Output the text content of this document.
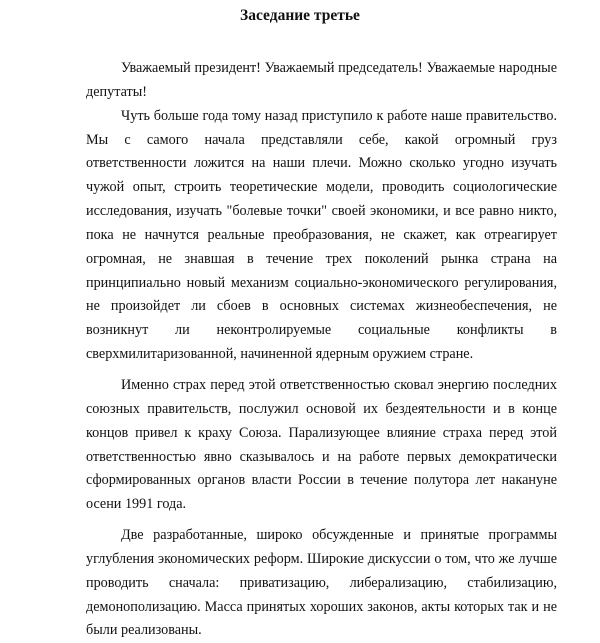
Заседание третье

Уважаемый президент! Уважаемый председатель! Уважаемые народные депутаты!

Чуть больше года тому назад приступило к работе наше правительство. Мы с самого начала представляли себе, какой огромный груз ответственности ложится на наши плечи. Можно сколько угодно изучать чужой опыт, строить теоретические модели, проводить социологические исследования, изучать "болевые точки" своей экономики, и все равно никто, пока не начнутся реальные преобразования, не скажет, как отреагирует огромная, не знавшая в течение трех поколений рынка страна на принципиально новый механизм социально-экономического регулирования, не произойдет ли сбоев в основных системах жизнеобеспечения, не возникнут ли неконтролируемые социальные конфликты в сверхмилитаризованной, начиненной ядерным оружием стране.

Именно страх перед этой ответственностью сковал энергию последних союзных правительств, послужил основой их бездеятельности и в конце концов привел к краху Союза. Парализующее влияние страха перед этой ответственностью явно сказывалось и на работе первых демократически сформированных органов власти России в течение полутора лет накануне осени 1991 года.

Две разработанные, широко обсужденные и принятые программы углубления экономических реформ. Широкие дискуссии о том, что же лучше проводить сначала: приватизацию, либерализацию, стабилизацию, демонополизацию. Масса принятых хороших законов, акты которых так и не были реализованы.
